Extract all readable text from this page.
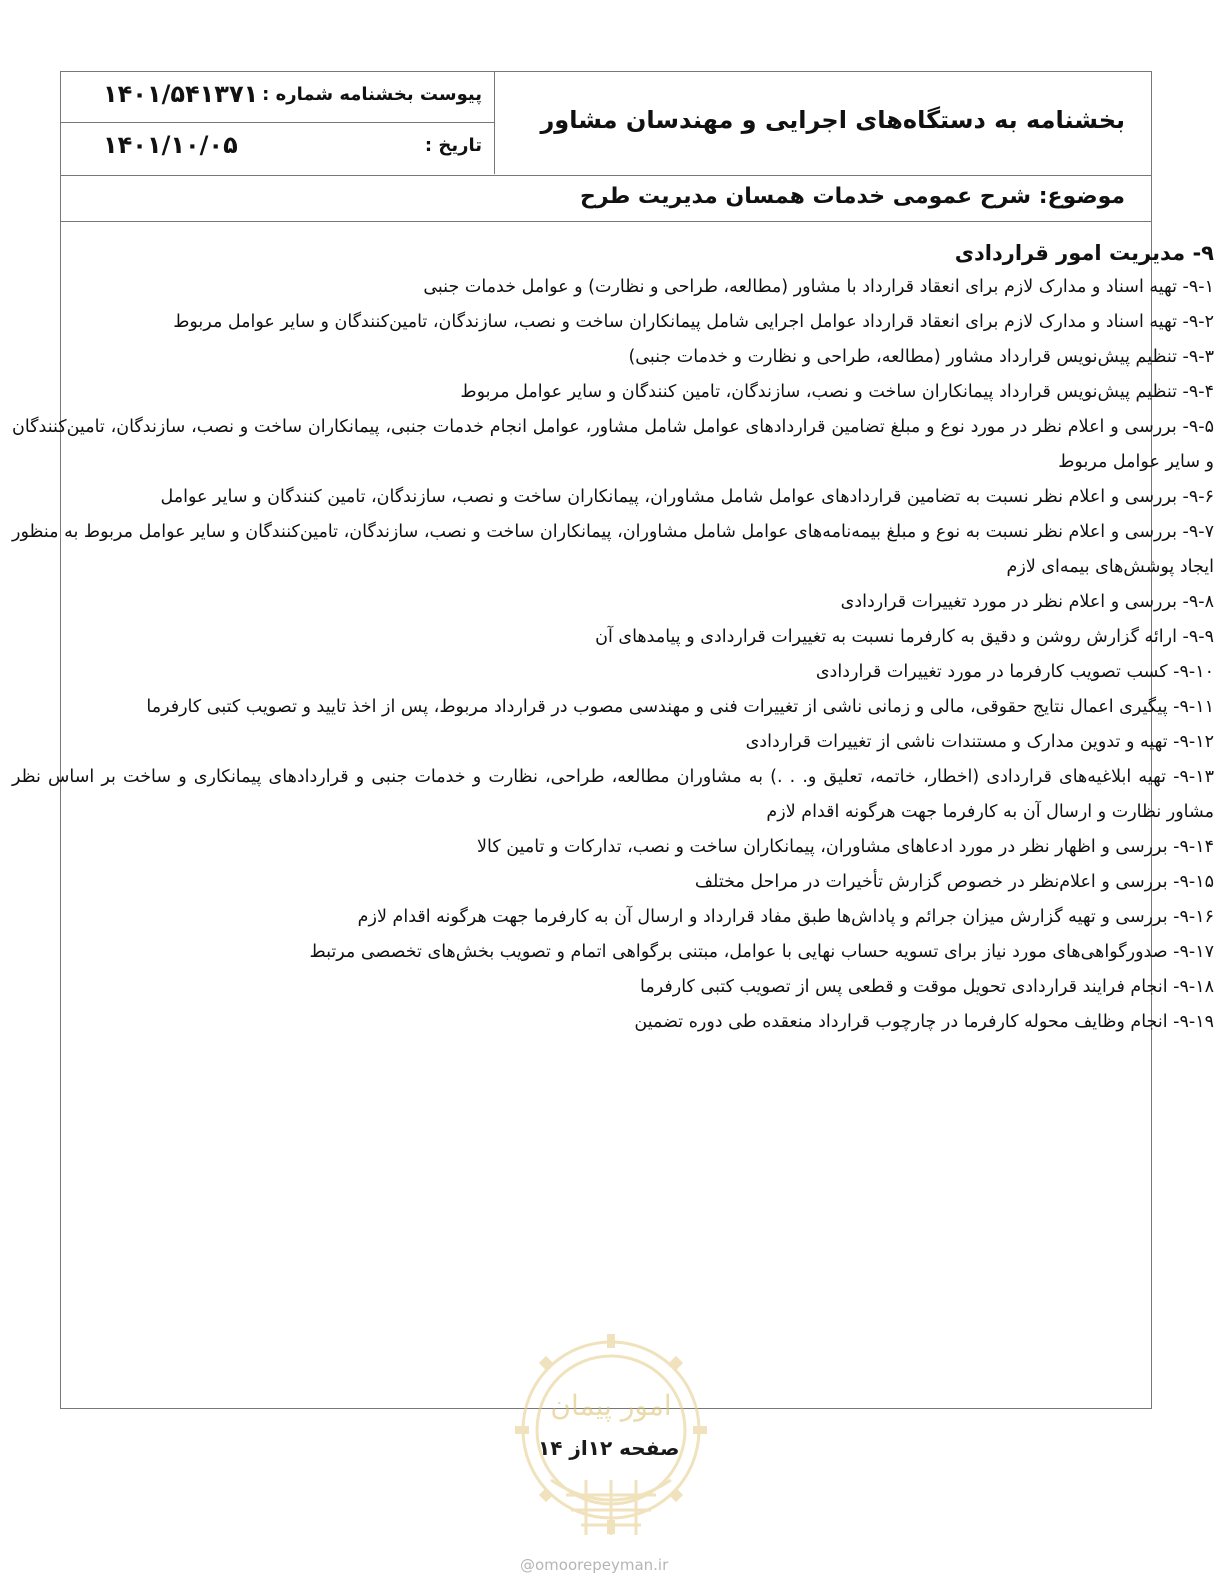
پیوست بخشنامه شماره :
۱۴۰۱/۵۴۱۳۷۱
تاریخ :
۱۴۰۱/۱۰/۰۵
بخشنامه به دستگاه‌های اجرایی و مهندسان مشاور
موضوع: شرح عمومی خدمات همسان مدیریت طرح
۹- مدیریت امور قراردادی

۹-۱- تهیه اسناد و مدارک لازم برای انعقاد قرارداد با مشاور (مطالعه، طراحی و نظارت) و عوامل خدمات جنبی

۹-۲- تهیه اسناد و مدارک لازم برای انعقاد قرارداد عوامل اجرایی شامل پیمانکاران ساخت و نصب، سازندگان، تامین‌کنندگان و سایر عوامل مربوط

۹-۳- تنظیم پیش‌نویس قرارداد مشاور (مطالعه، طراحی و نظارت و خدمات جنبی)

۹-۴- تنظیم پیش‌نویس قرارداد پیمانکاران ساخت و نصب، سازندگان، تامین کنندگان و سایر عوامل مربوط

۹-۵- بررسی و اعلام نظر در مورد نوع و مبلغ تضامین قراردادهای عوامل شامل مشاور، عوامل انجام خدمات جنبی، پیمانکاران ساخت و نصب، سازندگان، تامین‌کنندگان و سایر عوامل مربوط

۹-۶- بررسی و اعلام نظر نسبت به تضامین قراردادهای عوامل شامل مشاوران، پیمانکاران ساخت و نصب، سازندگان، تامین کنندگان و سایر عوامل

۹-۷- بررسی و اعلام نظر نسبت به نوع و مبلغ بیمه‌نامه‌های عوامل شامل مشاوران، پیمانکاران ساخت و نصب، سازندگان، تامین‌کنندگان و سایر عوامل مربوط به منظور ایجاد پوشش‌های بیمه‌ای لازم

۹-۸- بررسی و اعلام نظر در مورد تغییرات قراردادی

۹-۹- ارائه گزارش روشن و دقیق به کارفرما نسبت به تغییرات قراردادی و پیامدهای آن

۹-۱۰- کسب تصویب کارفرما در مورد تغییرات قراردادی

۹-۱۱- پیگیری اعمال نتایج حقوقی، مالی و زمانی ناشی از تغییرات فنی و مهندسی مصوب در قرارداد مربوط، پس از اخذ تایید و تصویب کتبی کارفرما

۹-۱۲- تهیه و تدوین مدارک و مستندات ناشی از تغییرات قراردادی

۹-۱۳- تهیه ابلاغیه‌های قراردادی (اخطار، خاتمه، تعلیق و. . .) به مشاوران مطالعه، طراحی، نظارت و خدمات جنبی و قراردادهای پیمانکاری و ساخت بر اساس نظر مشاور نظارت و ارسال آن به کارفرما جهت هرگونه اقدام لازم

۹-۱۴- بررسی و اظهار نظر در مورد ادعاهای مشاوران، پیمانکاران ساخت و نصب، تدارکات و تامین کالا

۹-۱۵- بررسی و اعلام‌نظر در خصوص گزارش تأخیرات در مراحل مختلف

۹-۱۶- بررسی و تهیه گزارش میزان جرائم و پاداش‌ها طبق مفاد قرارداد و ارسال آن به کارفرما جهت هرگونه اقدام لازم

۹-۱۷- صدورگواهی‌های مورد نیاز برای تسویه حساب نهایی با عوامل، مبتنی برگواهی اتمام و تصویب بخش‌های تخصصی مرتبط

۹-۱۸- انجام فرایند قراردادی تحویل موقت و قطعی پس از تصویب کتبی کارفرما

۹-۱۹- انجام وظایف محوله کارفرما در چارچوب قرارداد منعقده طی دوره تضمین

امور پیمان
صفحه ۱۲از ۱۴
@omoorepeyman.ir
